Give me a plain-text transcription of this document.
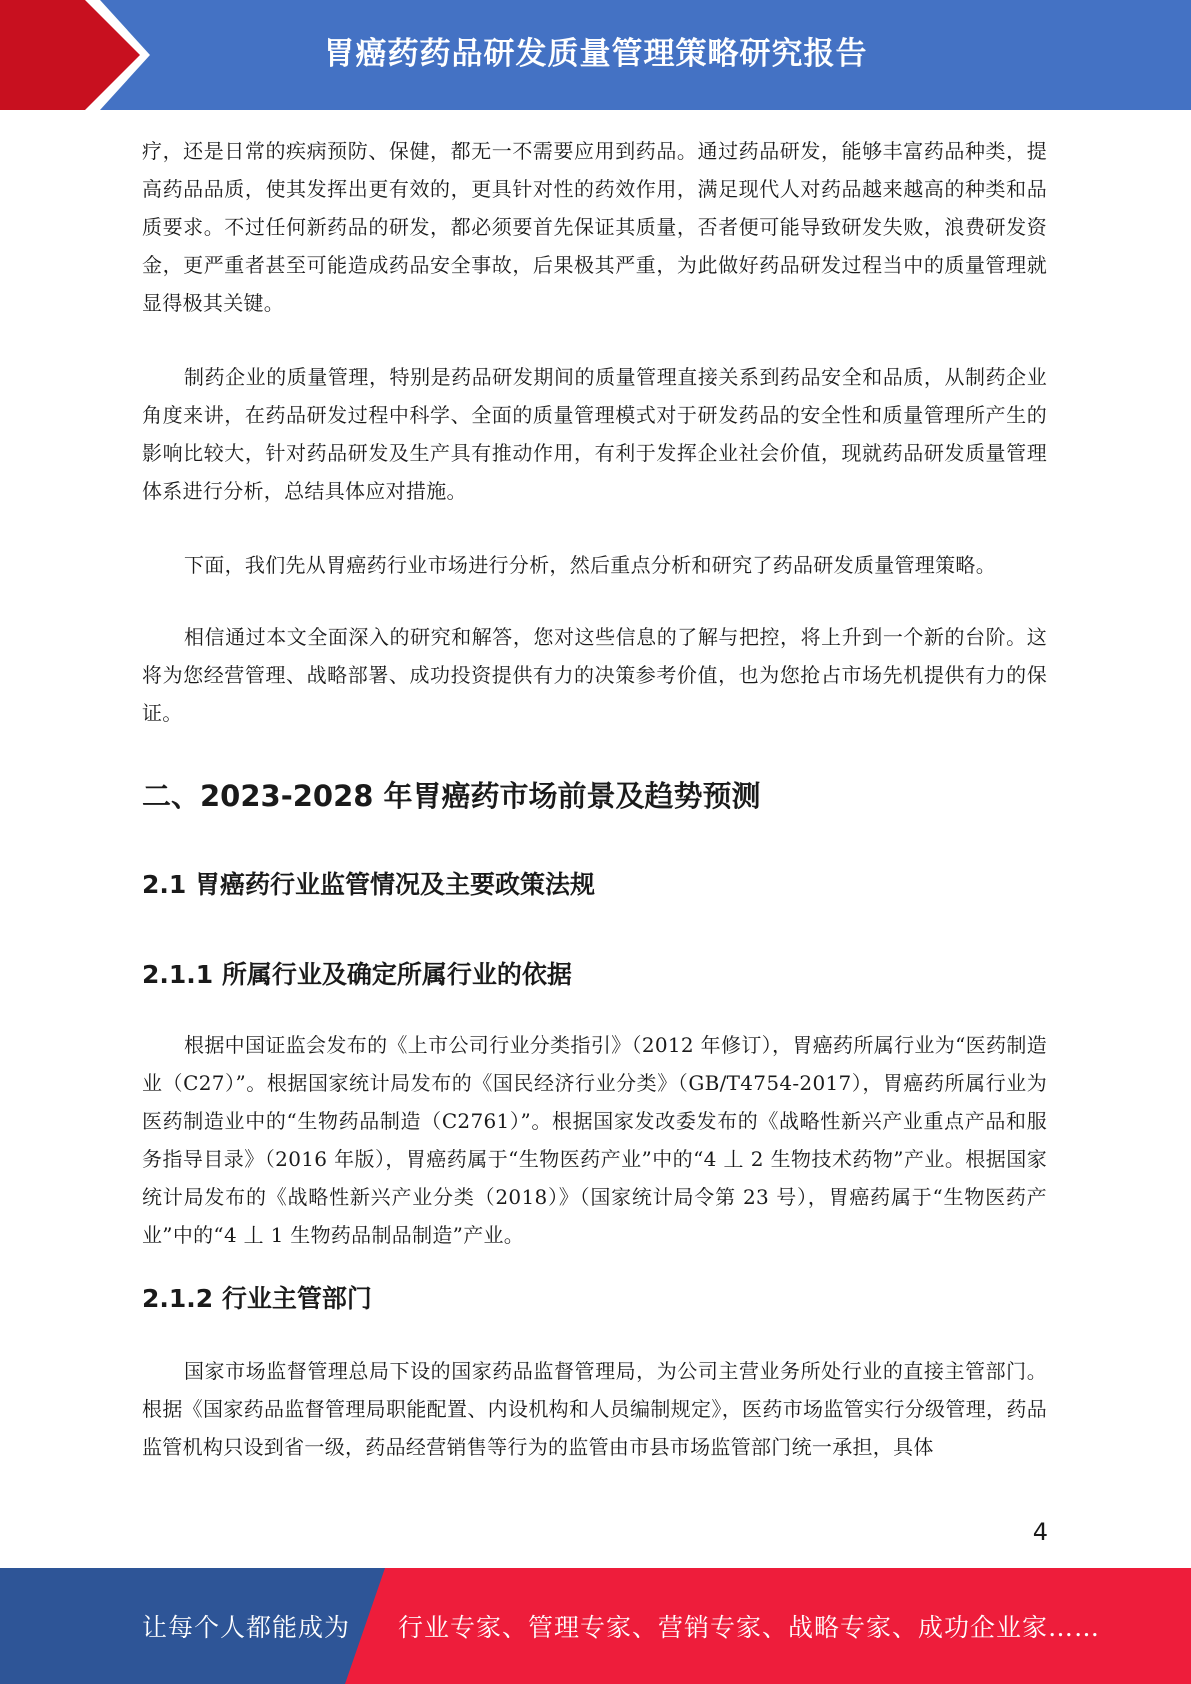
胃癌药药品研发质量管理策略研究报告

疗，还是日常的疾病预防、保健，都无一不需要应用到药品。通过药品研发，能够丰富药品种类，提高药品品质，使其发挥出更有效的，更具针对性的药效作用，满足现代人对药品越来越高的种类和品质要求。不过任何新药品的研发，都必须要首先保证其质量，否者便可能导致研发失败，浪费研发资金，更严重者甚至可能造成药品安全事故，后果极其严重，为此做好药品研发过程当中的质量管理就显得极其关键。

制药企业的质量管理，特别是药品研发期间的质量管理直接关系到药品安全和品质，从制药企业角度来讲，在药品研发过程中科学、全面的质量管理模式对于研发药品的安全性和质量管理所产生的影响比较大，针对药品研发及生产具有推动作用，有利于发挥企业社会价值，现就药品研发质量管理体系进行分析，总结具体应对措施。

下面，我们先从胃癌药行业市场进行分析，然后重点分析和研究了药品研发质量管理策略。

相信通过本文全面深入的研究和解答，您对这些信息的了解与把控，将上升到一个新的台阶。这将为您经营管理、战略部署、成功投资提供有力的决策参考价值，也为您抢占市场先机提供有力的保证。

二、2023-2028 年胃癌药市场前景及趋势预测
2.1 胃癌药行业监管情况及主要政策法规
2.1.1 所属行业及确定所属行业的依据

根据中国证监会发布的《上市公司行业分类指引》（2012 年修订），胃癌药所属行业为“医药制造业（C27）”。根据国家统计局发布的《国民经济行业分类》（GB/T4754-2017），胃癌药所属行业为医药制造业中的“生物药品制造（C2761）”。根据国家发改委发布的《战略性新兴产业重点产品和服务指导目录》（2016 年版），胃癌药属于“生物医药产业”中的“4 丄 2 生物技术药物”产业。根据国家统计局发布的《战略性新兴产业分类（2018）》（国家统计局令第 23 号），胃癌药属于“生物医药产业”中的“4 丄 1 生物药品制品制造”产业。

2.1.2 行业主管部门

国家市场监督管理总局下设的国家药品监督管理局，为公司主营业务所处行业的直接主管部门。根据《国家药品监督管理局职能配置、内设机构和人员编制规定》，医药市场监管实行分级管理，药品监管机构只设到省一级，药品经营销售等行为的监管由市县市场监管部门统一承担，具体

4
让每个人都能成为 行业专家、管理专家、营销专家、战略专家、成功企业家……
